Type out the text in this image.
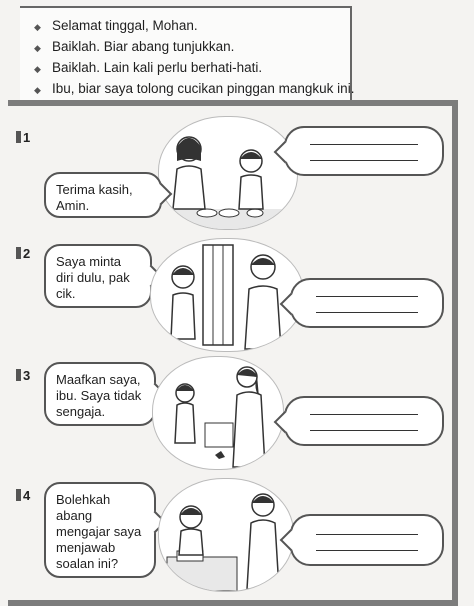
◆ Selamat tinggal, Mohan.
◆ Baiklah. Biar abang tunjukkan.
◆ Baiklah. Lain kali perlu berhati-hati.
◆ Ibu, biar saya tolong cucikan pinggan mangkuk ini.
1
Terima kasih, Amin.
2
Saya minta diri dulu, pak cik.
3	Maafkan saya, ibu. Saya tidak sengaja.
4	Bolehkah abang mengajar saya menjawab soalan ini?
